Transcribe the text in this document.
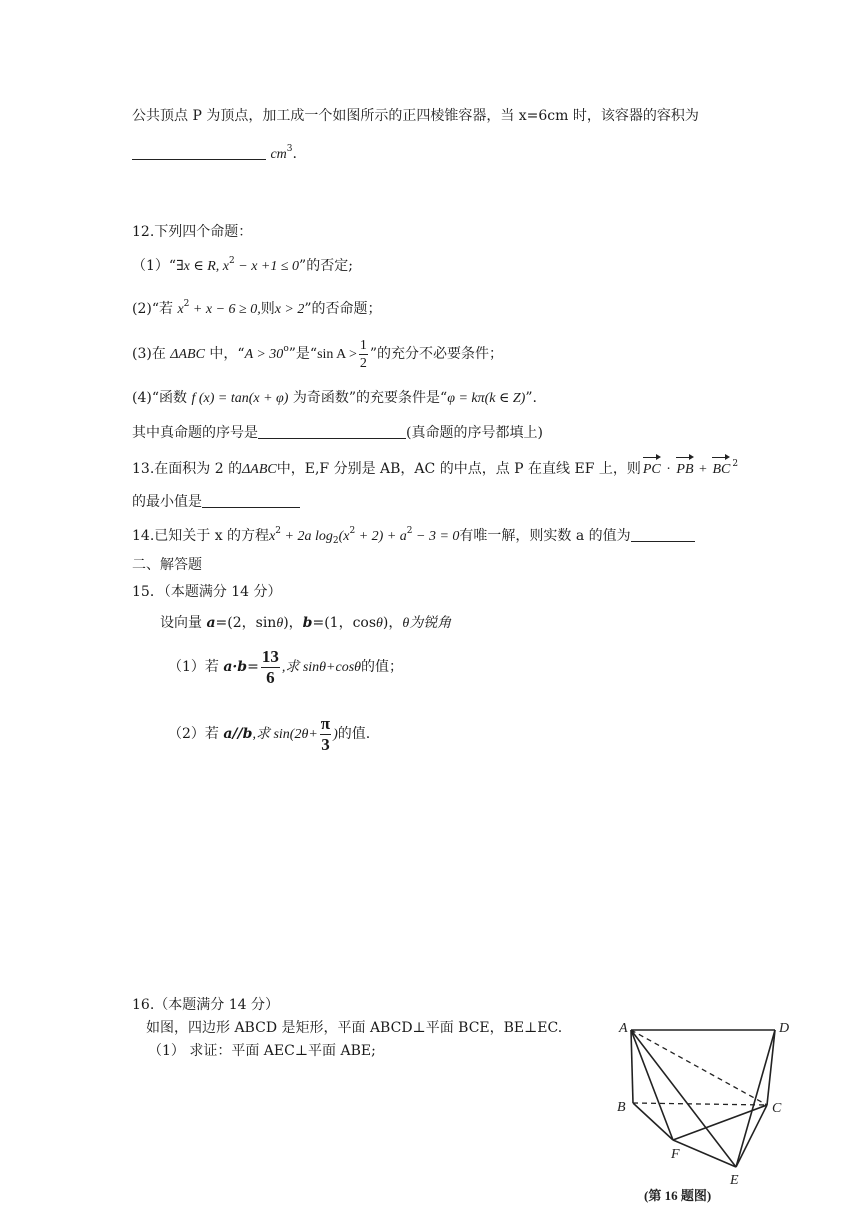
公共顶点 P 为顶点，加工成一个如图所示的正四棱锥容器，当 x=6cm 时，该容器的容积为
$cm^3$.
12.下列四个命题：
（1）“∃x ∈ R, $x^2 - x +1 \le 0$”的否定;
(2)“若 $x^2 + x - 6 \ge 0$,则x > 2”的否命题；
(3)在 ΔABC 中，“$A > 30^o$”是“sin $A > \frac{1}{2}$ ”的充分不必要条件；
(4)“函数 f (x) = tan(x + φ) 为奇函数”的充要条件是“φ = kπ(k ∈ Z)”.
其中真命题的序号是	(真命题的序号都填上)
13.在面积为 2 的ΔABC中，E,F 分别是 AB，AC 的中点，点 P 在直线 EF 上，则 PC · PB + BC $^2$
的最小值是
14.已知关于 x 的方程$x^2 + 2a$ $\log_2(x^2 + 2) + a^2 - 3 = 0$有唯一解，则实数 a 的值为
二、解答题
15．（本题满分 14 分）
设向量 a=(2，sinθ)，b=(1，cosθ)，θ为锐角
（1）若 $a\cdot b= \frac{13}{6}$ ,求 sinθ+cosθ的值；
（2）若 a//b,求 $\sin(2\theta+ \frac{\pi}{3}$ )的值.
16.（本题满分 14 分）
如图，四边形 ABCD 是矩形，平面 ABCD⊥平面 BCE，BE⊥EC.
（1） 求证：平面 AEC⊥平面 ABE;
A	D
B	C
F
E
(第 16 题图)
